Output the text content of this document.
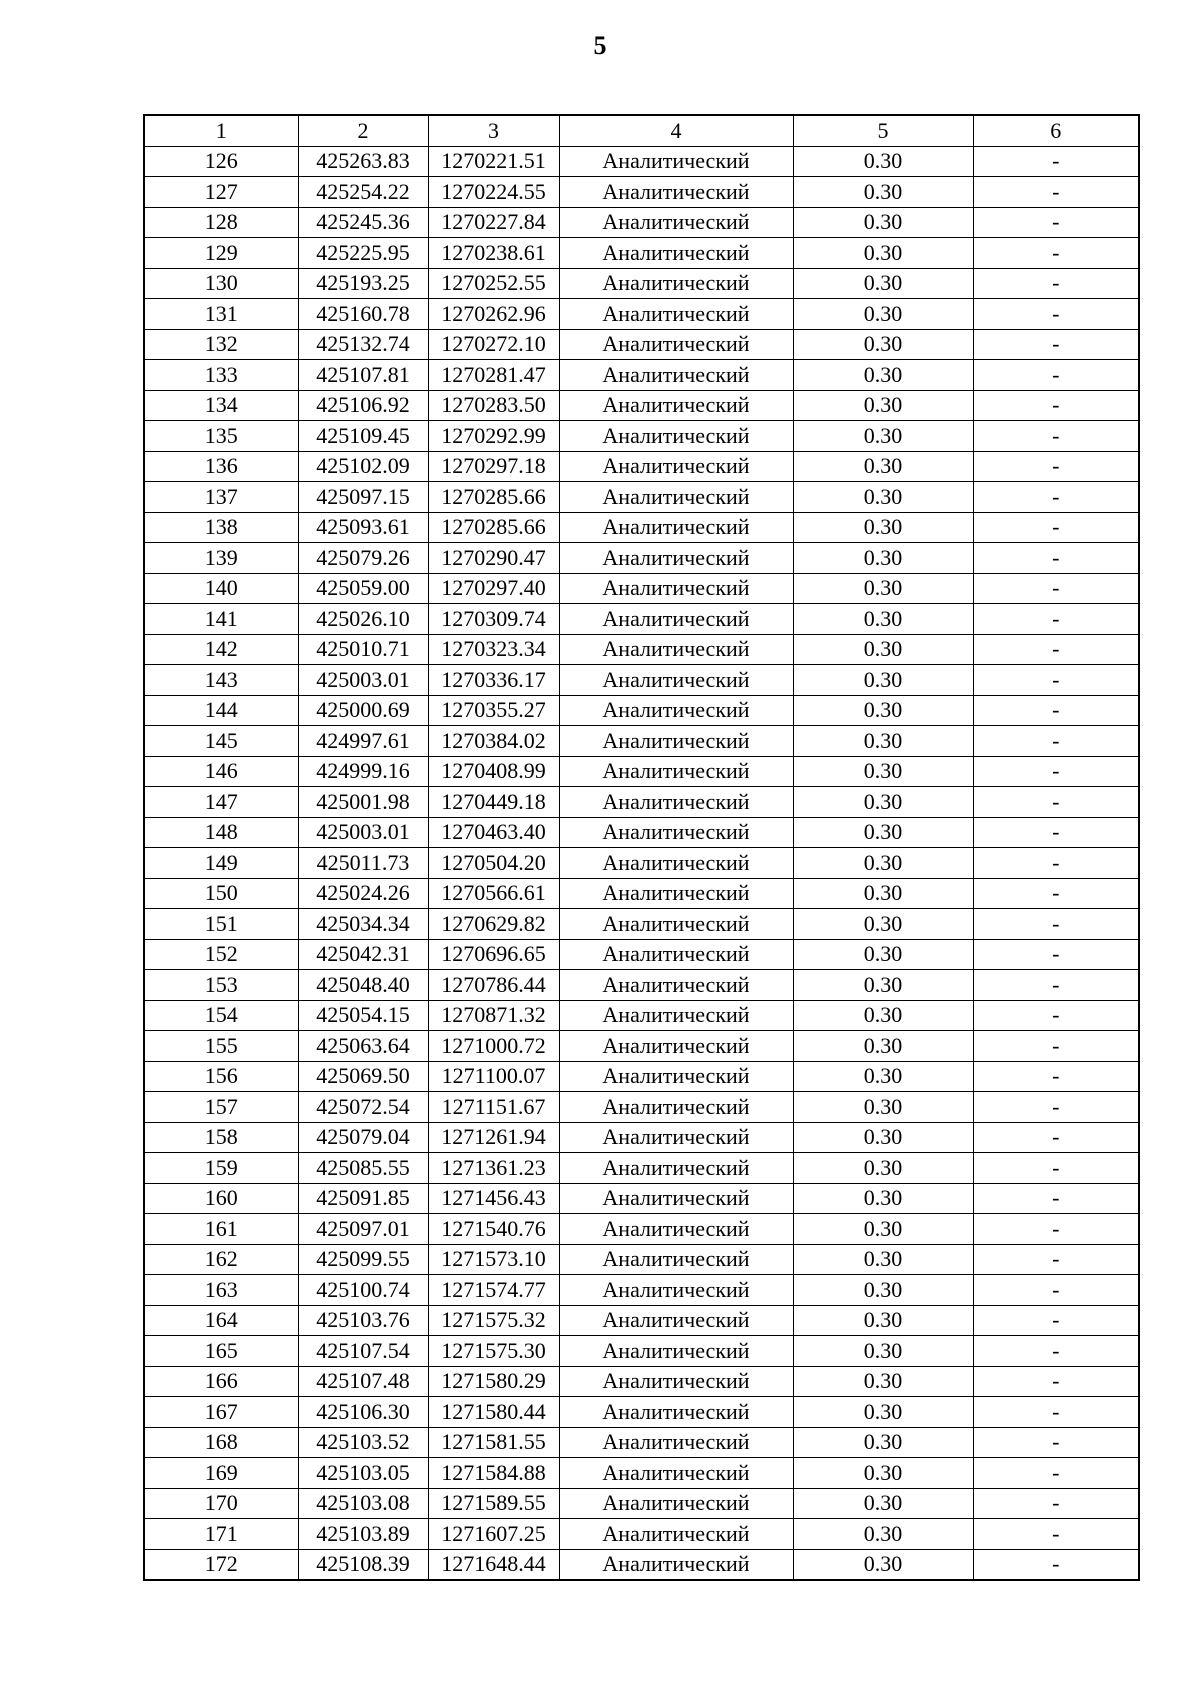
5
1	2	3	4	5	6
126	425263.83	1270221.51	Аналитический	0.30	-
127	425254.22	1270224.55	Аналитический	0.30	-
128	425245.36	1270227.84	Аналитический	0.30	-
129	425225.95	1270238.61	Аналитический	0.30	-
130	425193.25	1270252.55	Аналитический	0.30	-
131	425160.78	1270262.96	Аналитический	0.30	-
132	425132.74	1270272.10	Аналитический	0.30	-
133	425107.81	1270281.47	Аналитический	0.30	-
134	425106.92	1270283.50	Аналитический	0.30	-
135	425109.45	1270292.99	Аналитический	0.30	-
136	425102.09	1270297.18	Аналитический	0.30	-
137	425097.15	1270285.66	Аналитический	0.30	-
138	425093.61	1270285.66	Аналитический	0.30	-
139	425079.26	1270290.47	Аналитический	0.30	-
140	425059.00	1270297.40	Аналитический	0.30	-
141	425026.10	1270309.74	Аналитический	0.30	-
142	425010.71	1270323.34	Аналитический	0.30	-
143	425003.01	1270336.17	Аналитический	0.30	-
144	425000.69	1270355.27	Аналитический	0.30	-
145	424997.61	1270384.02	Аналитический	0.30	-
146	424999.16	1270408.99	Аналитический	0.30	-
147	425001.98	1270449.18	Аналитический	0.30	-
148	425003.01	1270463.40	Аналитический	0.30	-
149	425011.73	1270504.20	Аналитический	0.30	-
150	425024.26	1270566.61	Аналитический	0.30	-
151	425034.34	1270629.82	Аналитический	0.30	-
152	425042.31	1270696.65	Аналитический	0.30	-
153	425048.40	1270786.44	Аналитический	0.30	-
154	425054.15	1270871.32	Аналитический	0.30	-
155	425063.64	1271000.72	Аналитический	0.30	-
156	425069.50	1271100.07	Аналитический	0.30	-
157	425072.54	1271151.67	Аналитический	0.30	-
158	425079.04	1271261.94	Аналитический	0.30	-
159	425085.55	1271361.23	Аналитический	0.30	-
160	425091.85	1271456.43	Аналитический	0.30	-
161	425097.01	1271540.76	Аналитический	0.30	-
162	425099.55	1271573.10	Аналитический	0.30	-
163	425100.74	1271574.77	Аналитический	0.30	-
164	425103.76	1271575.32	Аналитический	0.30	-
165	425107.54	1271575.30	Аналитический	0.30	-
166	425107.48	1271580.29	Аналитический	0.30	-
167	425106.30	1271580.44	Аналитический	0.30	-
168	425103.52	1271581.55	Аналитический	0.30	-
169	425103.05	1271584.88	Аналитический	0.30	-
170	425103.08	1271589.55	Аналитический	0.30	-
171	425103.89	1271607.25	Аналитический	0.30	-
172	425108.39	1271648.44	Аналитический	0.30	-
